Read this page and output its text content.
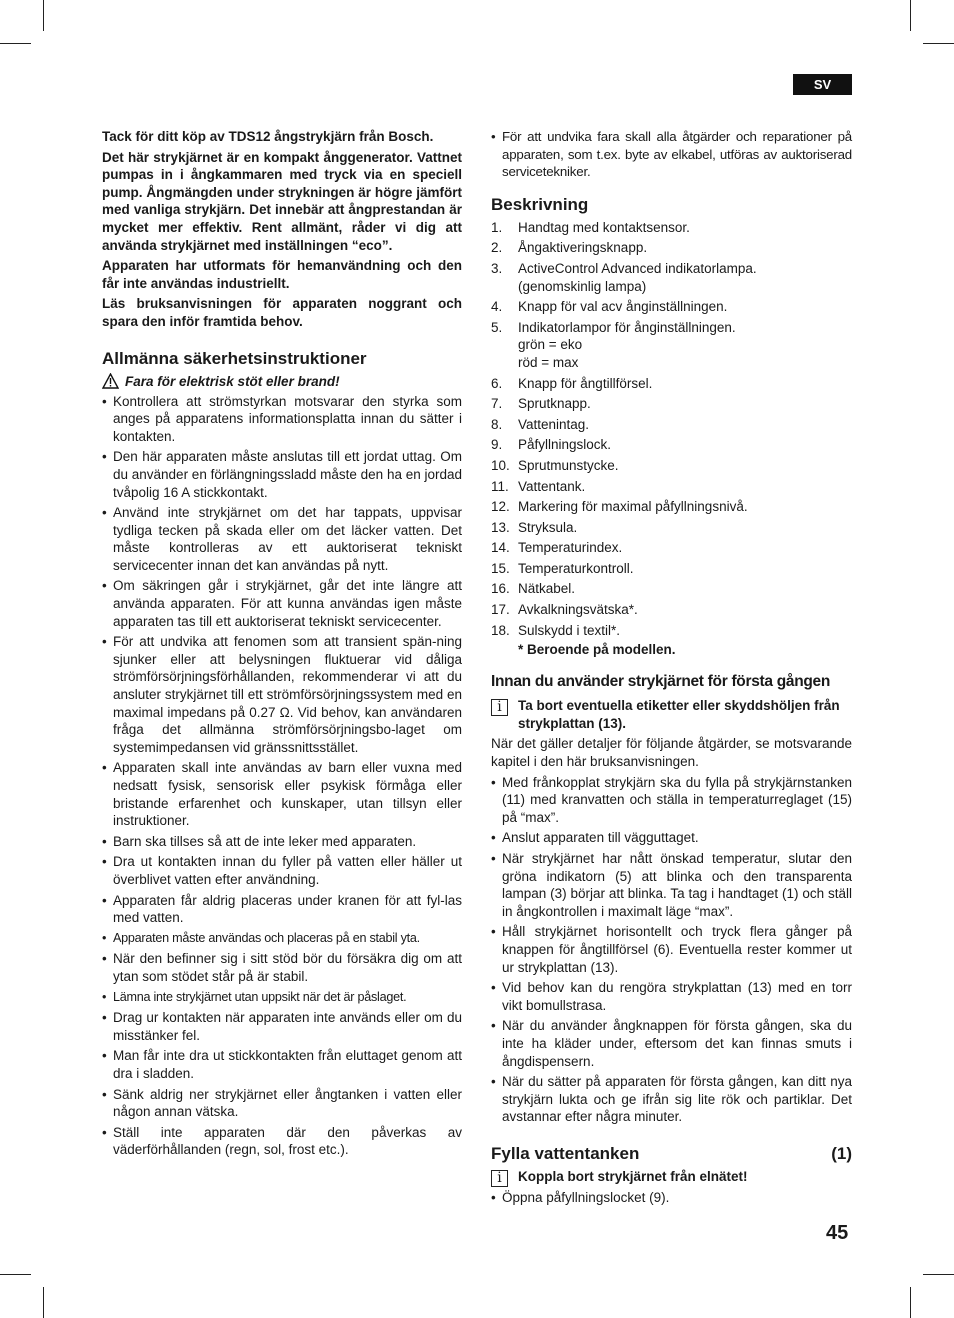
SV

Tack för ditt köp av TDS12 ångstrykjärn från Bosch.

Det här strykjärnet är en kompakt ånggenerator. Vattnet pumpas in i ångkammaren med tryck via en speciell pump. Ångmängden under strykningen är högre jämfört med vanliga strykjärn. Det innebär att ångprestandan är mycket mer effektiv. Rent allmänt, råder vi dig att använda strykjärnet med inställningen “eco”.

Apparaten har utformats för hemanvändning och den får inte användas industriellt.

Läs bruksanvisningen för apparaten noggrant och spara den inför framtida behov.

Allmänna säkerhetsinstruktioner
Fara för elektrisk stöt eller brand!
• Kontrollera att strömstyrkan motsvarar den styrka som anges på apparatens informationsplatta innan du sätter i kontakten.
• Den här apparaten måste anslutas till ett jordat uttag. Om du använder en förlängningssladd måste den ha en jordad tvåpolig 16 A stickkontakt.
• Använd inte strykjärnet om det har tappats, uppvisar tydliga tecken på skada eller om det läcker vatten. Det måste kontrolleras av ett auktoriserat tekniskt servicecenter innan det kan användas på nytt.
• Om säkringen går i strykjärnet, går det inte längre att använda apparaten. För att kunna användas igen måste apparaten tas till ett auktoriserat tekniskt servicecenter.
• För att undvika att fenomen som att transient spän-ning sjunker eller att belysningen fluktuerar vid dåliga strömförsörjningsförhållanden, rekommenderar vi att du ansluter strykjärnet till ett strömförsörjningssystem med en maximal impedans på 0.27 Ω. Vid behov, kan användaren fråga det allmänna strömförsörjningsbo-laget om systemimpedansen vid gränssnittsstället.
• Apparaten skall inte användas av barn eller vuxna med nedsatt fysisk, sensorisk eller psykisk förmåga eller bristande erfarenhet och kunskaper, utan tillsyn eller instruktioner.
• Barn ska tillses så att de inte leker med apparaten.
• Dra ut kontakten innan du fyller på vatten eller häller ut överblivet vatten efter användning.
• Apparaten får aldrig placeras under kranen för att fyl-las med vatten.
• Apparaten måste användas och placeras på en stabil yta.
• När den befinner sig i sitt stöd bör du försäkra dig om att ytan som stödet står på är stabil.
• Lämna inte strykjärnet utan uppsikt när det är påslaget.
• Drag ur kontakten när apparaten inte används eller om du misstänker fel.
• Man får inte dra ut stickkontakten från eluttaget genom att dra i sladden.
• Sänk aldrig ner strykjärnet eller ångtanken i vatten eller någon annan vätska.
• Ställ inte apparaten där den påverkas av väderförhållanden (regn, sol, frost etc.).
• För att undvika fara skall alla åtgärder och reparationer på apparaten, som t.ex. byte av elkabel, utföras av auktoriserad servicetekniker.
Beskrivning
1. Handtag med kontaktsensor.
2. Ångaktiveringsknapp.
3. ActiveControl Advanced indikatorlampa.
(genomskinlig lampa)
4. Knapp för val acv ånginställningen.
5. Indikatorlampor för ånginställningen.
grön = eko
röd = max
6. Knapp för ångtillförsel.
7. Sprutknapp.
8. Vattenintag.
9. Påfyllningslock.
10. Sprutmunstycke.
11. Vattentank.
12. Markering för maximal påfyllningsnivå.
13. Stryksula.
14. Temperaturindex.
15. Temperaturkontroll.
16. Nätkabel.
17. Avkalkningsvätska*.
18. Sulskydd i textil*.
* Beroende på modellen.
Innan du använder strykjärnet för första gången
i	Ta bort eventuella etiketter eller skyddshöljen från strykplattan (13).

När det gäller detaljer för följande åtgärder, se motsvarande kapitel i den här bruksanvisningen.

• Med frånkopplat strykjärn ska du fylla på strykjärnstanken (11) med kranvatten och ställa in temperaturreglaget (15) på “max”.
• Anslut apparaten till vägguttaget.
• När strykjärnet har nått önskad temperatur, slutar den gröna indikatorn (5) att blinka och den transparenta lampan (3) börjar att blinka. Ta tag i handtaget (1) och ställ in ångkontrollen i maximalt läge “max”.
• Håll strykjärnet horisontellt och tryck flera gånger på knappen för ångtillförsel (6). Eventuella rester kommer ut ur strykplattan (13).
• Vid behov kan du rengöra strykplattan (13) med en torr vikt bomullstrasa.
• När du använder ångknappen för första gången, ska du inte ha kläder under, eftersom det kan finnas smuts i ångdispensern.
• När du sätter på apparaten för första gången, kan ditt nya strykjärn lukta och ge ifrån sig lite rök och partiklar. Det avstannar efter några minuter.
Fylla vattentanken	(1)
i	Koppla bort strykjärnet från elnätet!
• Öppna påfyllningslocket (9).
45
